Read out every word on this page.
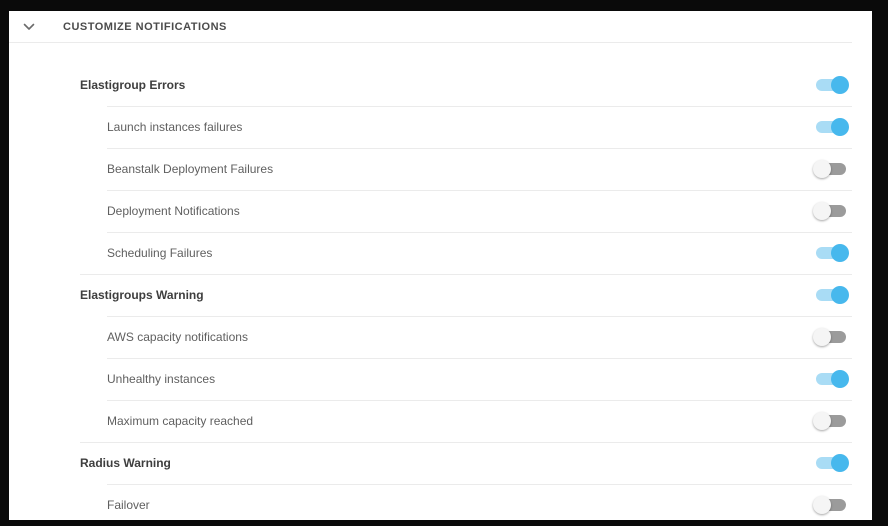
CUSTOMIZE NOTIFICATIONS
Elastigroup Errors
Launch instances failures
Beanstalk Deployment Failures
Deployment Notifications
Scheduling Failures
Elastigroups Warning
AWS capacity notifications
Unhealthy instances
Maximum capacity reached
Radius Warning
Failover
